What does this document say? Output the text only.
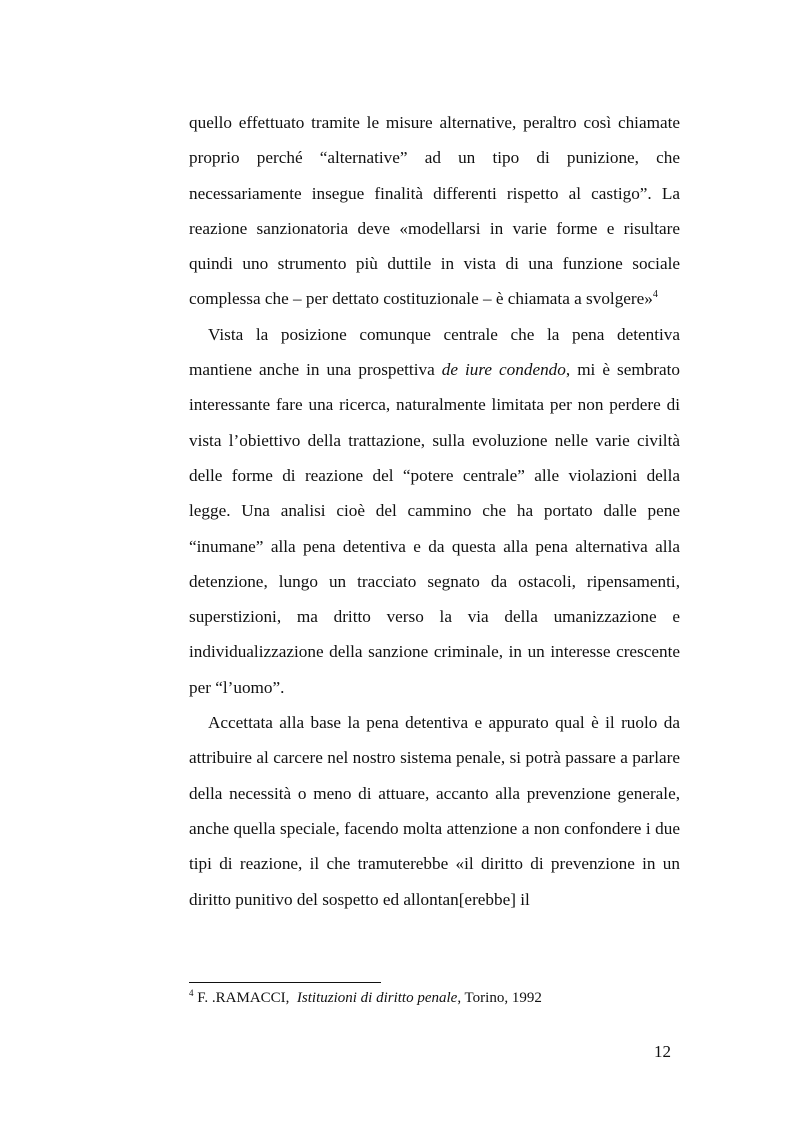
quello effettuato tramite le misure alternative, peraltro così chiamate proprio perché “alternative” ad un tipo di punizione, che necessariamente insegue finalità differenti rispetto al castigo”. La reazione sanzionatoria deve «modellarsi in varie forme e risultare quindi uno strumento più duttile in vista di una funzione sociale complessa che – per dettato costituzionale – è chiamata a svolgere»$^4$

Vista la posizione comunque centrale che la pena detentiva mantiene anche in una prospettiva de iure condendo, mi è sembrato interessante fare una ricerca, naturalmente limitata per non perdere di vista l’obiettivo della trattazione, sulla evoluzione nelle varie civiltà delle forme di reazione del “potere centrale” alle violazioni della legge. Una analisi cioè del cammino che ha portato dalle pene “inumane” alla pena detentiva e da questa alla pena alternativa alla detenzione, lungo un tracciato segnato da ostacoli, ripensamenti, superstizioni, ma dritto verso la via della umanizzazione e individualizzazione della sanzione criminale, in un interesse crescente per “l’uomo”.

Accettata alla base la pena detentiva e appurato qual è il ruolo da attribuire al carcere nel nostro sistema penale, si potrà passare a parlare della necessità o meno di attuare, accanto alla prevenzione generale, anche quella speciale, facendo molta attenzione a non confondere i due tipi di reazione, il che tramuterebbe «il diritto di prevenzione in un diritto punitivo del sospetto ed allontan[erebbe] il

$^4$ F. .RAMACCI, Istituzioni di diritto penale, Torino, 1992
12
